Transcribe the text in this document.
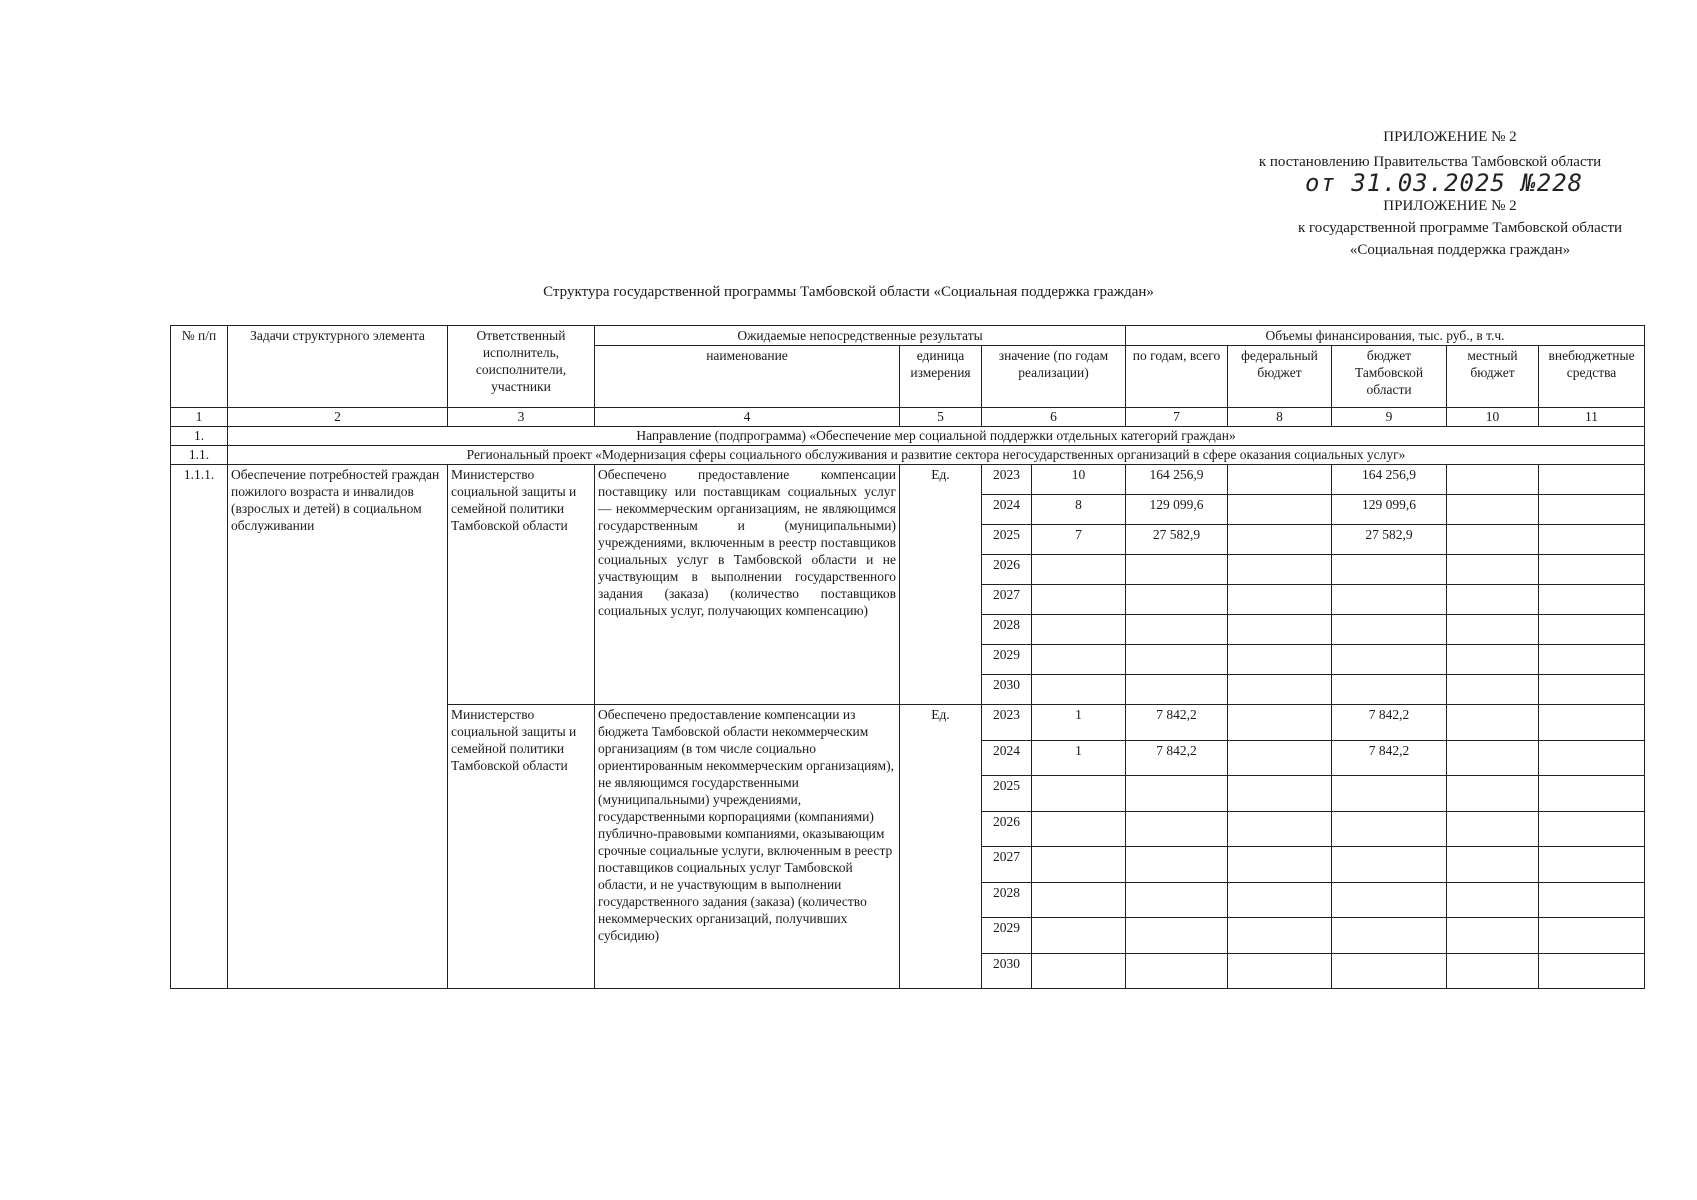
ПРИЛОЖЕНИЕ № 2
к постановлению Правительства Тамбовской области
от 31.03.2025 №228
ПРИЛОЖЕНИЕ № 2
к государственной программе Тамбовской области
«Социальная поддержка граждан»
Структура государственной программы Тамбовской области «Социальная поддержка граждан»
№ п/п	Задачи структурного элемента	Ответственный исполнитель, соисполнители, участники	Ожидаемые непосредственные результаты				Объемы финансирования, тыс. руб., в т.ч.				
			наименование	единица измерения	значение (по годам реализации)		по годам, всего	федеральный бюджет	бюджет Тамбовской области	местный бюджет	внебюджетные средства
1	2	3	4	5	6		7	8	9	10	11
1.	Направление (подпрограмма) «Обеспечение мер социальной поддержки отдельных категорий граждан»										
1.1.	Региональный проект «Модернизация сферы социального обслуживания и развитие сектора негосударственных организаций в сфере оказания социальных услуг»										
1.1.1.	Обеспечение потребностей граждан пожилого возраста и инвалидов (взрослых и детей) в социальном обслуживании	Министерство социальной защиты и семейной политики Тамбовской области	Обеспечено предоставление компенсации поставщику или поставщикам социальных услуг — некоммерческим организациям, не являющимся государственным и (муниципальными) учреждениями, включенным в реестр поставщиков социальных услуг в Тамбовской области и не участвующим в выполнении государственного задания (заказа) (количество поставщиков социальных услуг, получающих компенсацию)	Ед.	2023	10	164 256,9		164 256,9		
					2024	8	129 099,6		129 099,6		
					2025	7	27 582,9		27 582,9		
					2026						
					2027						
					2028						
					2029						
					2030						
		Министерство социальной защиты и семейной политики Тамбовской области	Обеспечено предоставление компенсации из бюджета Тамбовской области некоммерческим организациям (в том числе социально ориентированным некоммерческим организациям), не являющимся государственными (муниципальными) учреждениями, государственными корпорациями (компаниями) публично-правовыми компаниями, оказывающим срочные социальные услуги, включенным в реестр поставщиков социальных услуг Тамбовской области, и не участвующим в выполнении государственного задания (заказа) (количество некоммерческих организаций, получивших субсидию)	Ед.	2023	1	7 842,2		7 842,2		
					2024	1	7 842,2		7 842,2		
					2025						
					2026						
					2027						
					2028						
					2029						
					2030						
